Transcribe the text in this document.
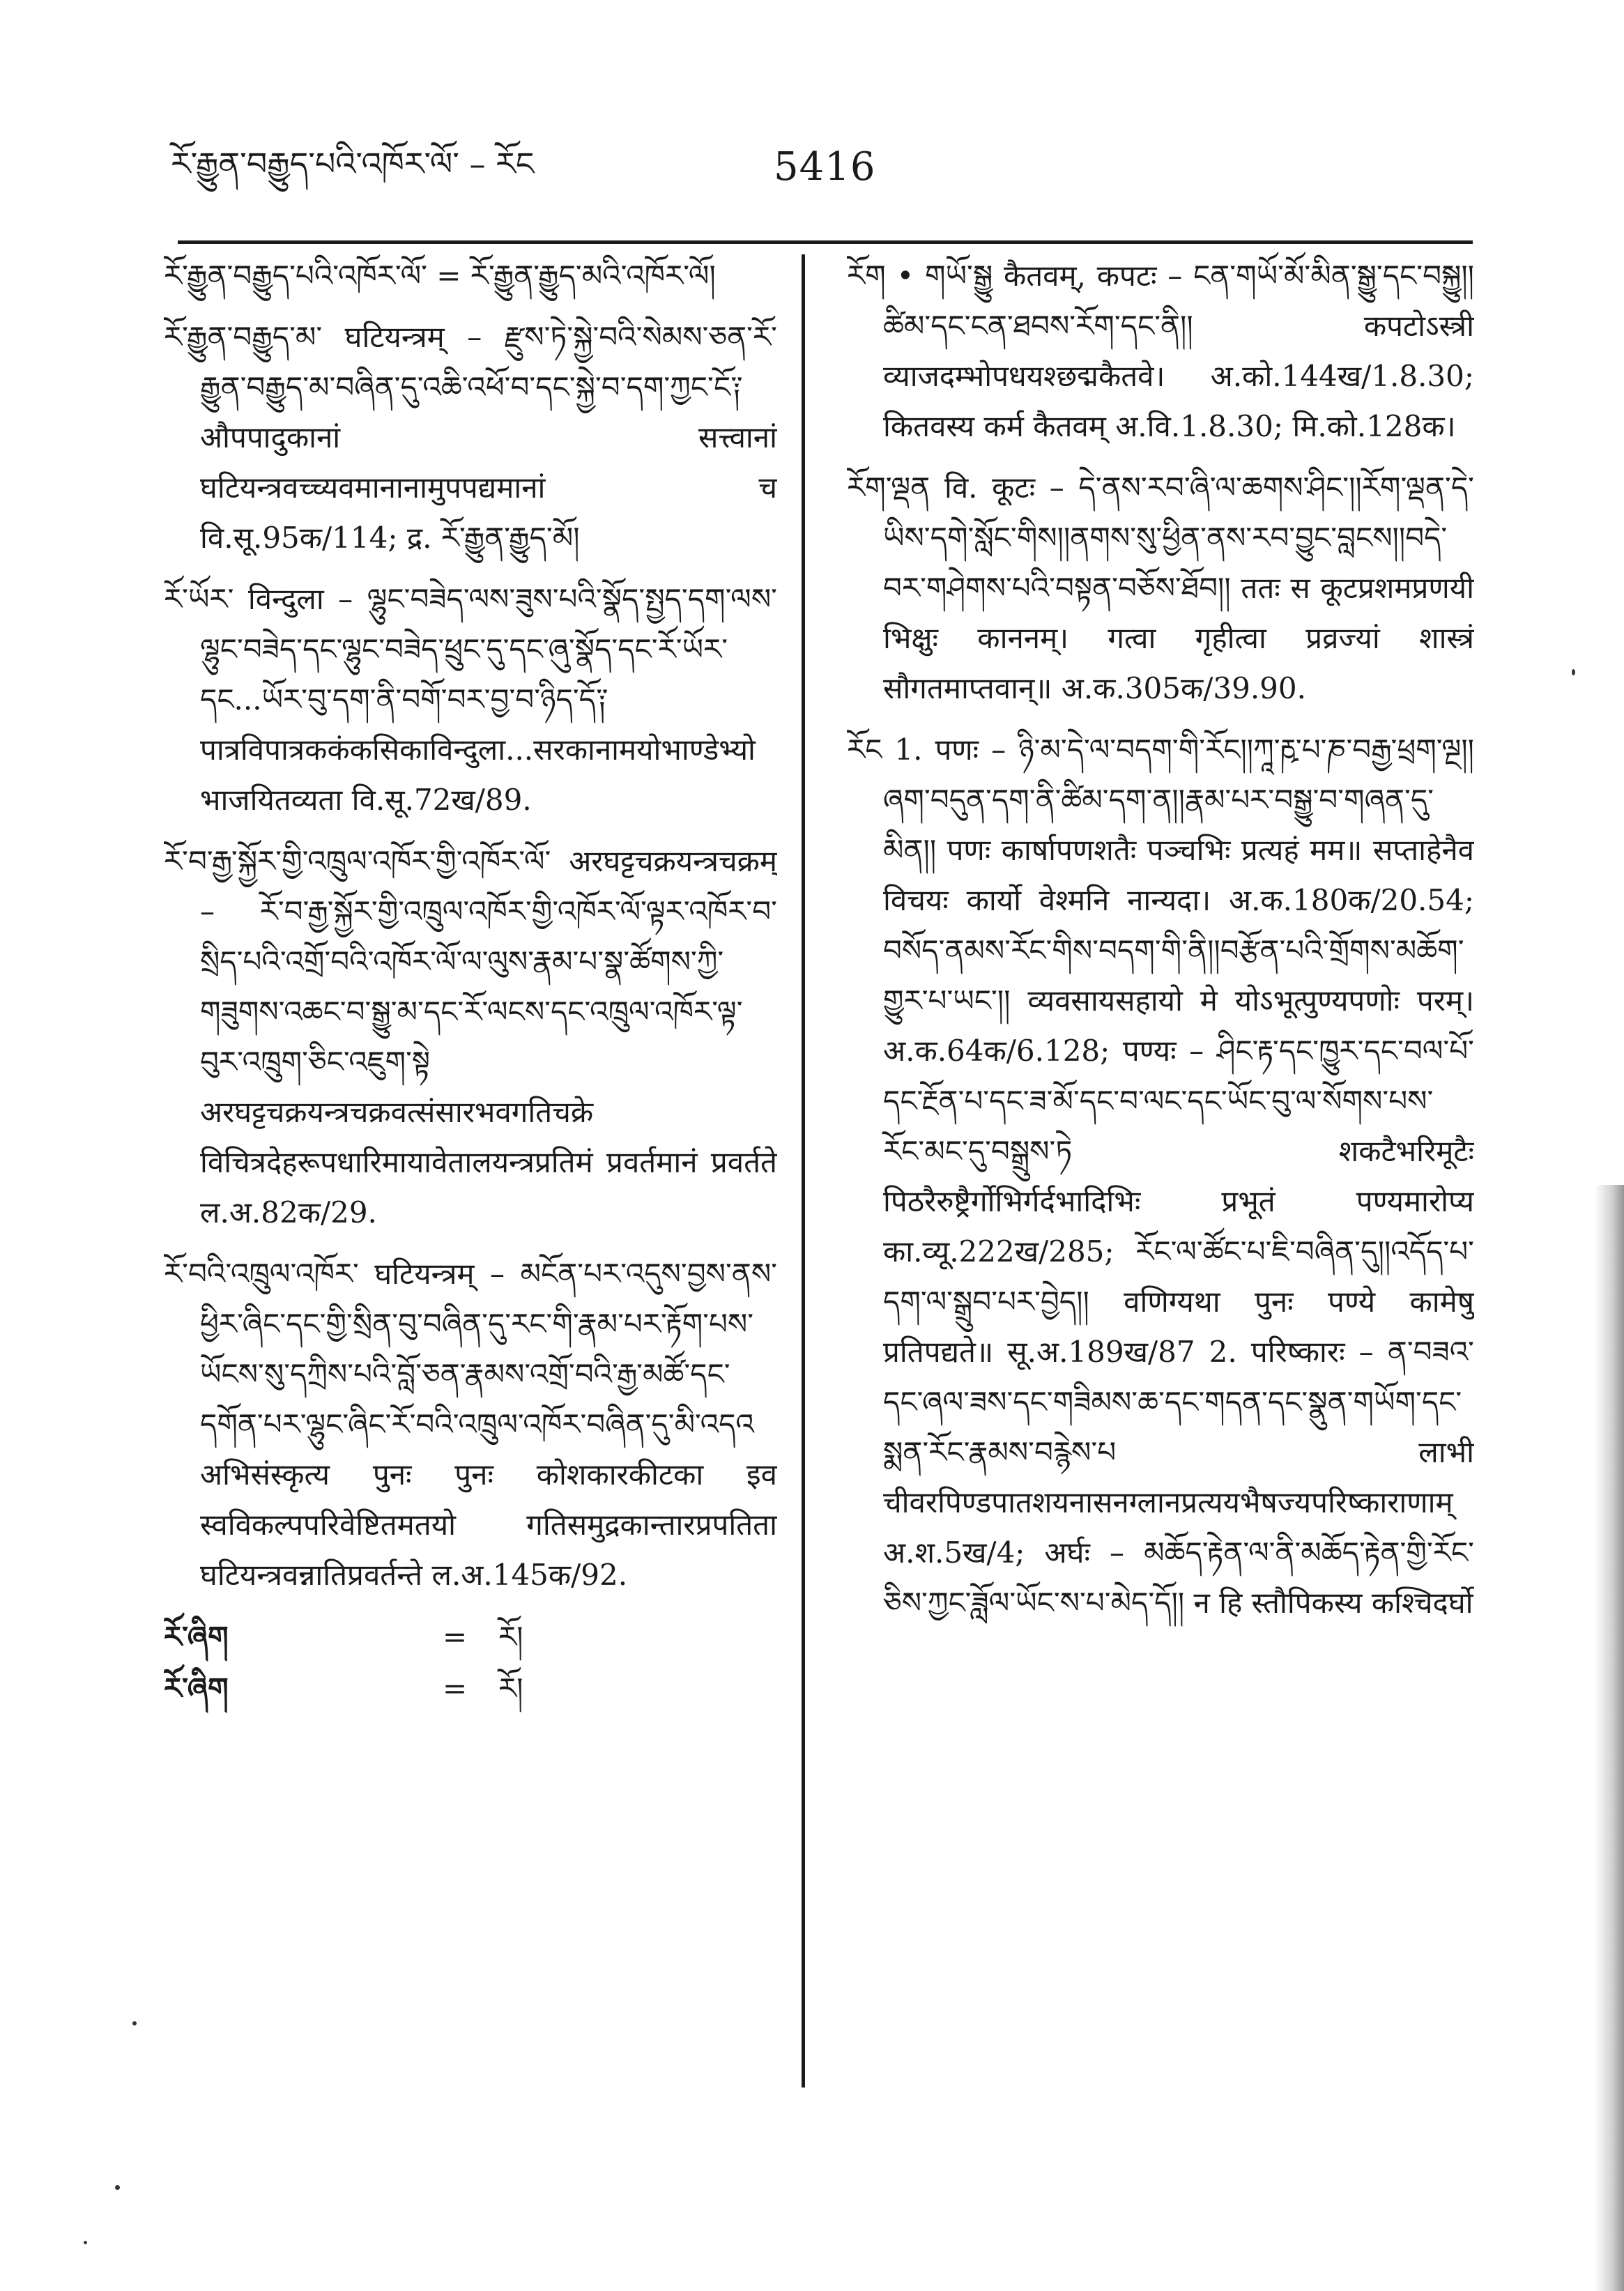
ཪོ་རྒྱུན་བརྒྱུད་པའི་འཁོར་ལོ་ – ཪོང	5416

ཪོ་རྒྱུན་བརྒྱུད་པའི་འཁོར་ལོ་ = ཪོ་རྒྱུན་རྒྱུད་མའི་འཁོར་ལོ།

ཪོ་རྒྱུན་བརྒྱུད་མ་ घटियन्त्रम् – རྫུས་ཏེ་སྐྱེ་བའི་སེམས་ཅན་ཪོ་རྒྱུན་བརྒྱུད་མ་བཞིན་དུ་འཆི་འཕོ་བ་དང་སྐྱེ་བ་དག་ཀྱང་ངོ༑ औपपादुकानां सत्त्वानां घटियन्त्रवच्च्यवमानानामुपपद्यमानां च वि.सू.95क/114; द्र. ཪོ་རྒྱུན་རྒྱུད་མོ།

ཪོ་ཡོར་ विन्दुला – ལྷུང་བཟེད་ལས་ཟུས་པའི་སྣོད་སྤྱད་དག་ལས་ལྷུང་བཟེད་དང་ལྷུང་བཟེད་ཕྲུང་དུ་དང་ཞུ་སྣོད་དང་ཪོ་ཡོར་དང...ཡོར་བུ་དག་ནི་བགོ་བར་བྱ་བ་ཉིད་དོ༑ पात्रविपात्रककंकसिकाविन्दुला...सरकानामयोभाण्डेभ्यो भाजयितव्यता वि.सू.72ख/89.

ཪོ་བ་རྒྱ་སྐྱོར་གྱི་འཁྲུལ་འཁོར་གྱི་འཁོར་ལོ་ अरघट्टचक्रयन्त्रचक्रम् – ཪོ་བ་རྒྱ་སྐྱོར་གྱི་འཁྲུལ་འཁོར་གྱི་འཁོར་ལོ་ལྟར་འཁོར་བ་སྲིད་པའི་འགྲོ་བའི་འཁོར་ལོ་ལ་ལུས་རྣམ་པ་སྣ་ཚོགས་ཀྱི་གཟུགས་འཆང་བ་སྒྱུ་མ་དང་རོ་ལངས་དང་འཁྲུལ་འཁོར་ལྟ་བུར་འཁྲུག་ཅིང་འཇུག་སྟེ अरघट्टचक्रयन्त्रचक्रवत्संसारभवगतिचक्रे विचित्रदेहरूपधारिमायावेतालयन्त्रप्रतिमं प्रवर्तमानं प्रवर्तते ल.अ.82क/29.

ཪོ་བའི་འཁྲུལ་འཁོར་ घटियन्त्रम् – མངོན་པར་འདུས་བྱས་ནས་ཕྱིར་ཞིང་དང་གྱི་སྲིན་བུ་བཞིན་དུ་རང་གི་རྣམ་པར་རྟོག་པས་ཡོངས་སུ་དཀྲིས་པའི་བློ་ཅན་རྣམས་འགྲོ་བའི་རྒྱ་མཚོ་དང་དགོན་པར་ལྷུང་ཞིང་ཪོ་བའི་འཁྲུལ་འཁོར་བཞིན་དུ་མི་འདའ अभिसंस्कृत्य पुनः पुनः कोशकारकीटका इव स्वविकल्पपरिवेष्टितमतयो गतिसमुद्रकान्तारप्रपतिता घटियन्त्रवन्नातिप्रवर्तन्ते ल.अ.145क/92.

ཪོ་ཞིག	= ཪོ།
ཪོ་ཞིག	= ཪོ།

ཪོག • གཡོ་སྒྱུ कैतवम्, कपटः – ངན་གཡོ་མོ་མིན་སྒྱུ་དང་བསྐྱུ།།ཚིམ་དང་ངན་ཐབས་ཪོག་དང་ནི།། कपटोऽस्त्री व्याजदम्भोपधयश्छद्मकैतवे। अ.को.144ख/1.8.30; कितवस्य कर्म कैतवम् अ.वि.1.8.30; मि.को.128क।

ཪོག་ལྡན वि. कूटः – དེ་ནས་རབ་ཞི་ལ་ཆགས་ཤིང་།།ཪོག་ལྡན་དེ་ཡིས་དགེ་སློང་གིས།།ནགས་སུ་ཕྱིན་ནས་རབ་བྱུང་བླངས།།བདེ་བར་གཤེགས་པའི་བསྟན་བཅོས་ཐོབ།། ततः स कूटप्रशमप्रणयी भिक्षुः काननम्। गत्वा गृहीत्वा प्रव्रज्यां शास्त्रं सौगतमाप्तवान्॥ अ.क.305क/39.90.

ཪོང 1. पणः – ཉི་མ་དེ་ལ་བདག་གི་ཪོང།།ཀཱ་རྵ་པ་ཎ་བརྒྱ་ཕྲག་ལྔ།།ཞག་བདུན་དག་ནི་ཚིམ་དག་ན།།རྣམ་པར་བསྒྱུ་བ་གཞན་དུ་མིན།། पणः कार्षापणशतैः पञ्चभिः प्रत्यहं मम॥ सप्ताहेनैव विचयः कार्यो वेश्मनि नान्यदा। अ.क.180क/20.54; བསོད་ནམས་ཪོང་གིས་བདག་གི་ནི།།བརྩོན་པའི་གྲོགས་མཆོག་གྱུར་པ་ཡང་།། व्यवसायसहायो मे योऽभूत्पुण्यपणोः परम्। अ.क.64क/6.128; पण्यः – ཤིང་རྟ་དང་ཁྱུར་དང་བལ་པོ་དང་རྔོན་པ་དང་ཟ་མོ་དང་བ་ལང་དང་ཡོང་བུ་ལ་སོགས་པས་ཪོང་མང་དུ་བསྒྲུས་ཏེ शकटैभरिमूटैः पिठरैरुष्ट्रैर्गोभिर्गर्दभादिभिः प्रभूतं पण्यमारोप्य का.व्यू.222ख/285; ཪོང་ལ་ཚོང་པ་ཇི་བཞིན་དུ།།འདོད་པ་དག་ལ་སྒྲུབ་པར་བྱེད།། वणिग्यथा पुनः पण्ये कामेषु प्रतिपद्यते॥ सू.अ.189ख/87 2. परिष्कारः – ན་བཟའ་དང་ཞལ་ཟས་དང་གཟིམས་ཆ་དང་གདན་དང་སྣུན་གཡོག་དང་སྨན་ཪོང་རྣམས་བརྙེས་པ लाभी चीवरपिण्डपातशयनासनग्लानप्रत्ययभैषज्यपरिष्काराणाम् अ.श.5ख/4; अर्घः – མཆོད་རྟེན་ལ་ནི་མཆོད་རྟེན་གྱི་ཪོང་ཅིས་ཀྱང་ཟློལ་ཡོང་ས་པ་མེད་དོ།། न हि स्तौपिकस्य कश्चिदर्घो
